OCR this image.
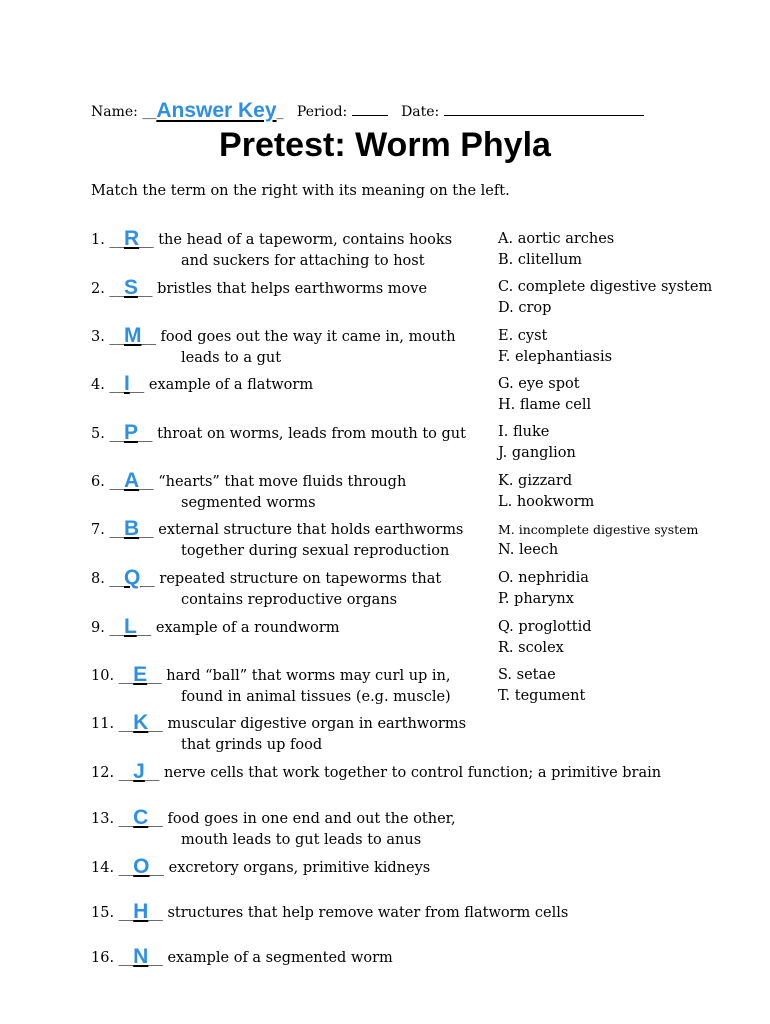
Name: __Answer Key_ Period:	Date:
Pretest: Worm Phyla
Match the term on the right with its meaning on the left.
1. __R__ the head of a tapeworm, contains hooks
and suckers for attaching to host
2. __S__ bristles that helps earthworms move
3. __M__ food goes out the way it came in, mouth
leads to a gut
4. __I__ example of a flatworm
5. __P__ throat on worms, leads from mouth to gut
6. __A__ “hearts” that move fluids through
segmented worms
7. __B__ external structure that holds earthworms
together during sexual reproduction
8. __Q__ repeated structure on tapeworms that
contains reproductive organs
9. __L__ example of a roundworm
10. __E__ hard “ball” that worms may curl up in,
found in animal tissues (e.g. muscle)
11. __K__ muscular digestive organ in earthworms
that grinds up food
12. __J__ nerve cells that work together to control function; a primitive brain
13. __C__ food goes in one end and out the other,
mouth leads to gut leads to anus
14. __O__ excretory organs, primitive kidneys
15. __H__ structures that help remove water from flatworm cells
16. __N__ example of a segmented worm
A. aortic arches
B. clitellum
C. complete digestive system
D. crop
E. cyst
F. elephantiasis
G. eye spot
H. flame cell
I. fluke
J. ganglion
K. gizzard
L. hookworm
M. incomplete digestive system
N. leech
O. nephridia
P. pharynx
Q. proglottid
R. scolex
S. setae
T. tegument
